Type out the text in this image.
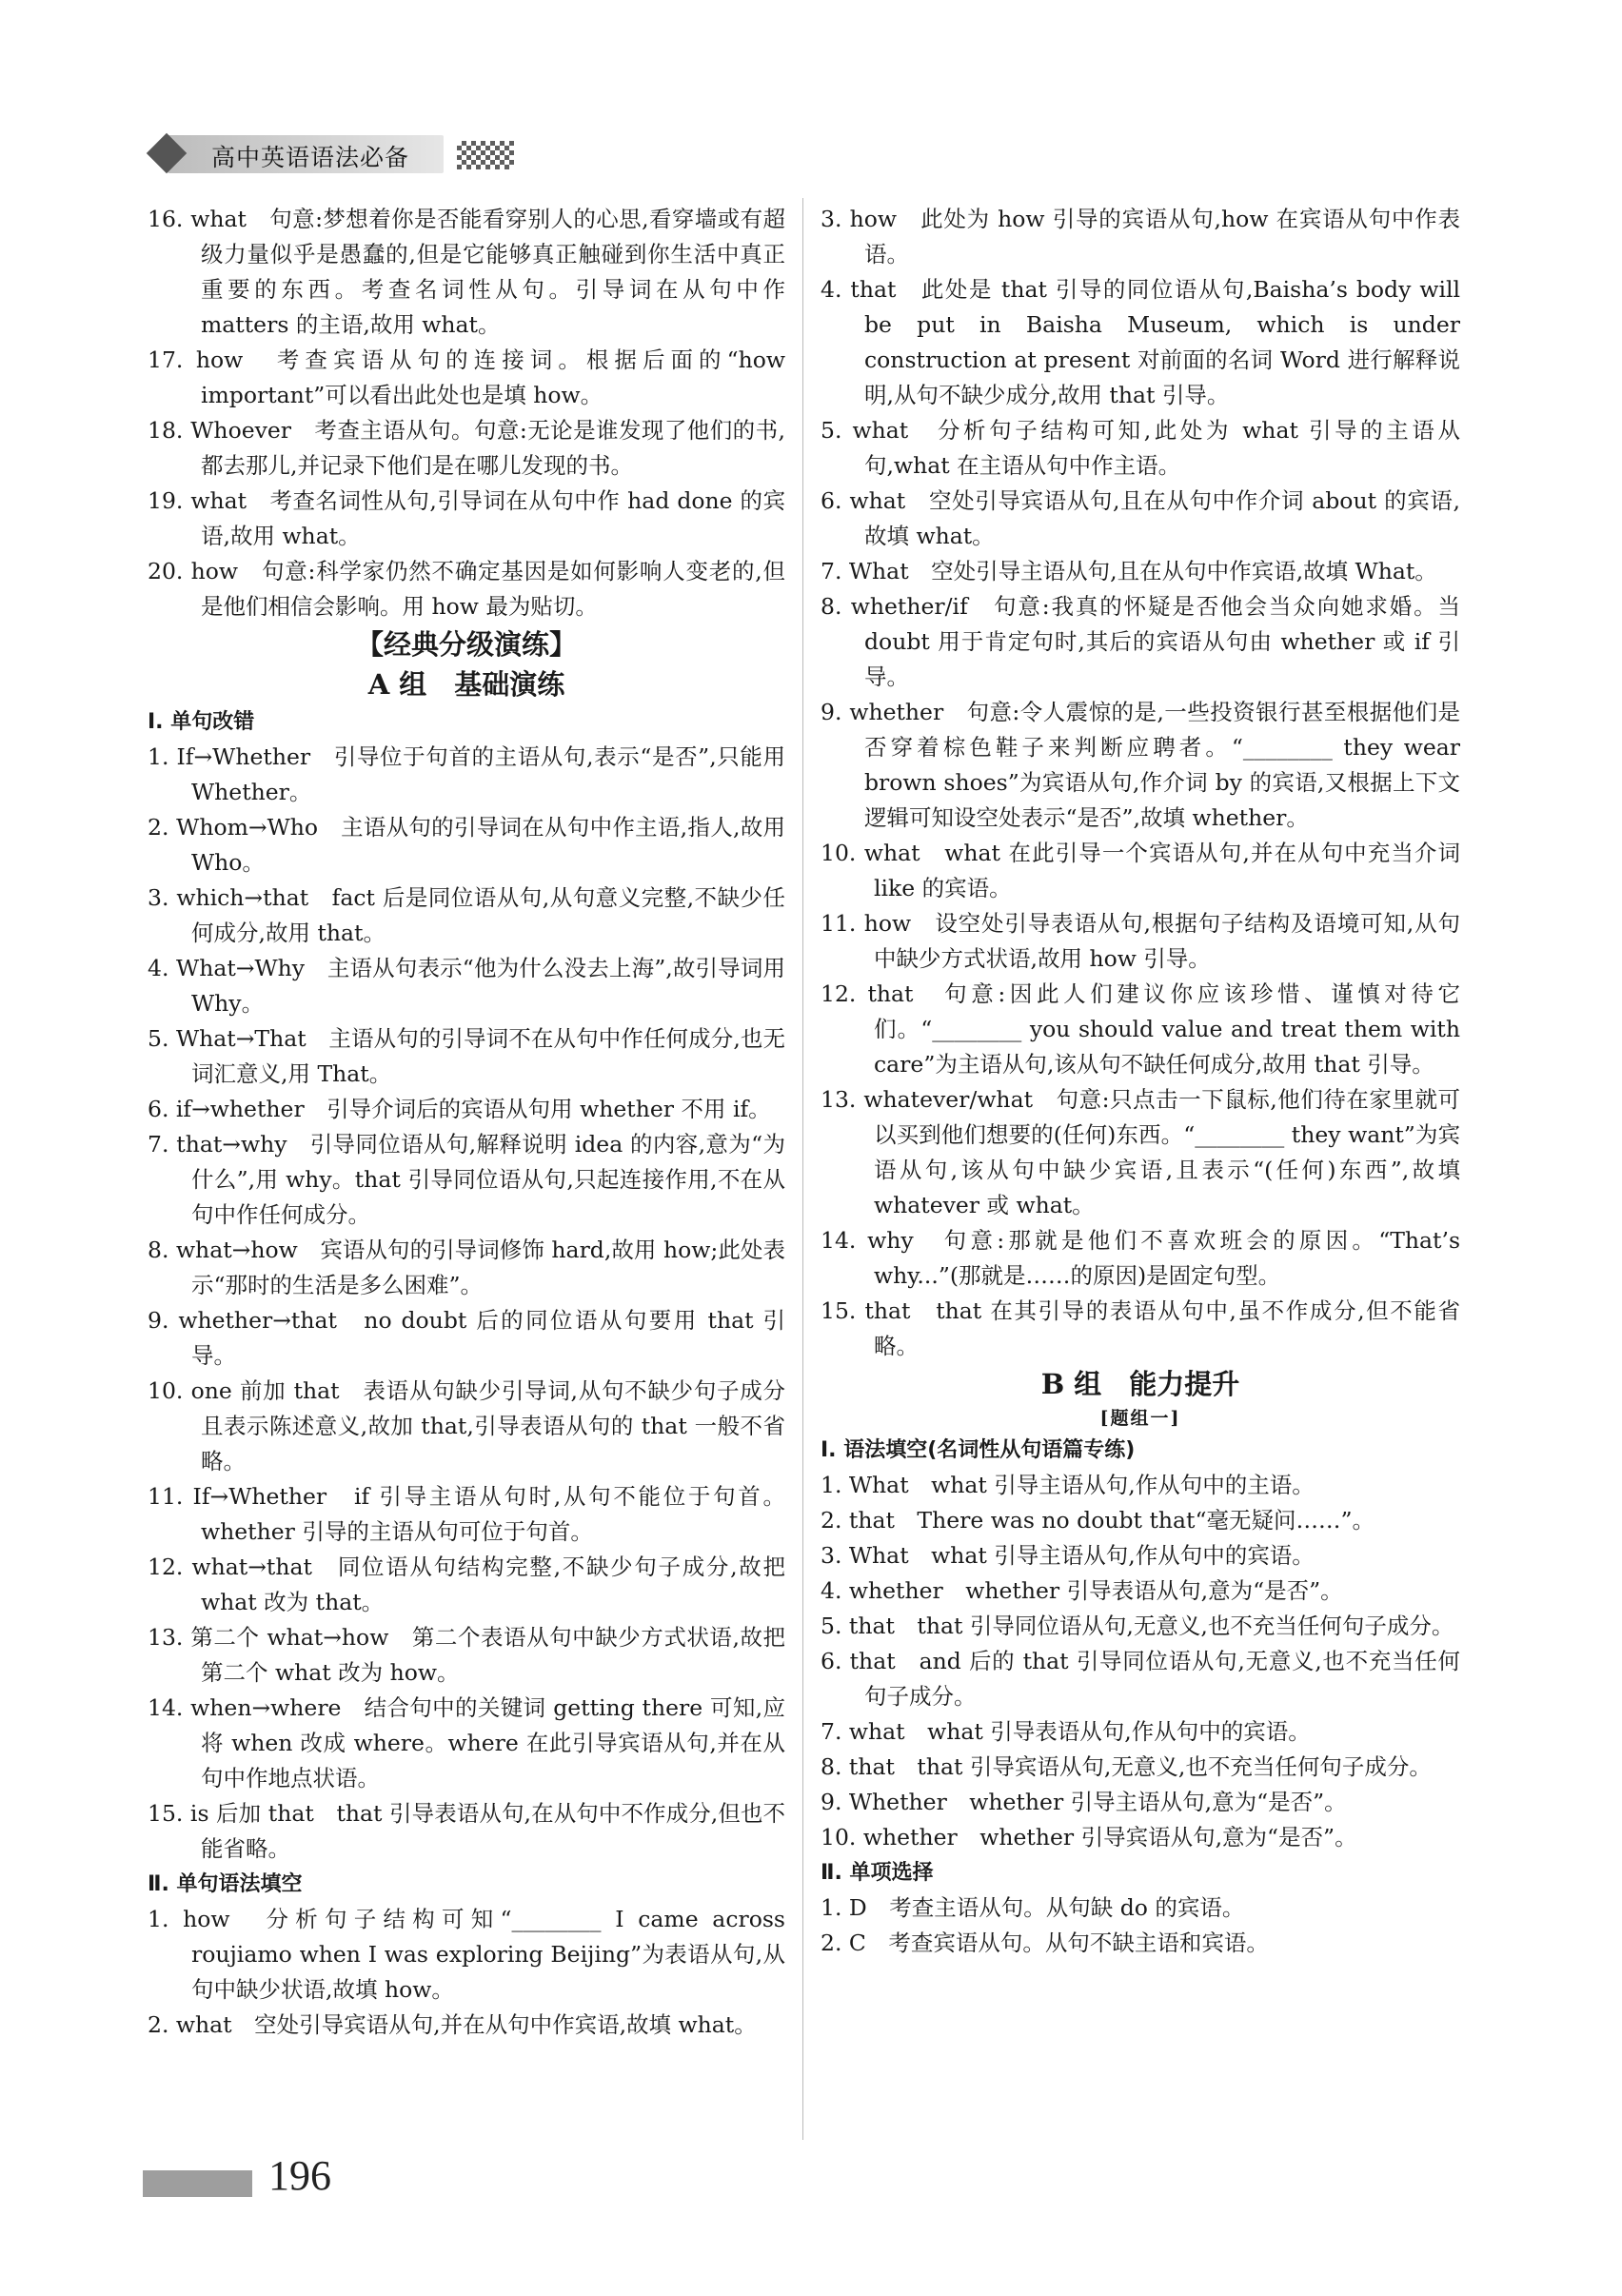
高中英语语法必备

16. what　句意:梦想着你是否能看穿别人的心思,看穿墙或有超级力量似乎是愚蠢的,但是它能够真正触碰到你生活中真正重要的东西。考查名词性从句。引导词在从句中作 matters 的主语,故用 what。

17. how　考查宾语从句的连接词。根据后面的“how important”可以看出此处也是填 how。

18. Whoever　考查主语从句。句意:无论是谁发现了他们的书,都去那儿,并记录下他们是在哪儿发现的书。

19. what　考查名词性从句,引导词在从句中作 had done 的宾语,故用 what。

20. how　句意:科学家仍然不确定基因是如何影响人变老的,但是他们相信会影响。用 how 最为贴切。

【经典分级演练】

A 组　基础演练

Ⅰ. 单句改错

1. If→Whether　引导位于句首的主语从句,表示“是否”,只能用 Whether。

2. Whom→Who　主语从句的引导词在从句中作主语,指人,故用 Who。

3. which→that　fact 后是同位语从句,从句意义完整,不缺少任何成分,故用 that。

4. What→Why　主语从句表示“他为什么没去上海”,故引导词用 Why。

5. What→That　主语从句的引导词不在从句中作任何成分,也无词汇意义,用 That。

6. if→whether　引导介词后的宾语从句用 whether 不用 if。

7. that→why　引导同位语从句,解释说明 idea 的内容,意为“为什么”,用 why。that 引导同位语从句,只起连接作用,不在从句中作任何成分。

8. what→how　宾语从句的引导词修饰 hard,故用 how;此处表示“那时的生活是多么困难”。

9. whether→that　no doubt 后的同位语从句要用 that 引导。

10. one 前加 that　表语从句缺少引导词,从句不缺少句子成分且表示陈述意义,故加 that,引导表语从句的 that 一般不省略。

11. If→Whether　if 引导主语从句时,从句不能位于句首。whether 引导的主语从句可位于句首。

12. what→that　同位语从句结构完整,不缺少句子成分,故把 what 改为 that。

13. 第二个 what→how　第二个表语从句中缺少方式状语,故把第二个 what 改为 how。

14. when→where　结合句中的关键词 getting there 可知,应将 when 改成 where。where 在此引导宾语从句,并在从句中作地点状语。

15. is 后加 that　that 引导表语从句,在从句中不作成分,但也不能省略。

Ⅱ. 单句语法填空

1. how　分析句子结构可知“________ I came across roujiamo when I was exploring Beijing”为表语从句,从句中缺少状语,故填 how。

2. what　空处引导宾语从句,并在从句中作宾语,故填 what。

3. how　此处为 how 引导的宾语从句,how 在宾语从句中作表语。

4. that　此处是 that 引导的同位语从句,Baisha’s body will be put in Baisha Museum, which is under construction at present 对前面的名词 Word 进行解释说明,从句不缺少成分,故用 that 引导。

5. what　分析句子结构可知,此处为 what 引导的主语从句,what 在主语从句中作主语。

6. what　空处引导宾语从句,且在从句中作介词 about 的宾语,故填 what。

7. What　空处引导主语从句,且在从句中作宾语,故填 What。

8. whether/if　句意:我真的怀疑是否他会当众向她求婚。当 doubt 用于肯定句时,其后的宾语从句由 whether 或 if 引导。

9. whether　句意:令人震惊的是,一些投资银行甚至根据他们是否穿着棕色鞋子来判断应聘者。“________ they wear brown shoes”为宾语从句,作介词 by 的宾语,又根据上下文逻辑可知设空处表示“是否”,故填 whether。

10. what　what 在此引导一个宾语从句,并在从句中充当介词 like 的宾语。

11. how　设空处引导表语从句,根据句子结构及语境可知,从句中缺少方式状语,故用 how 引导。

12. that　句意:因此人们建议你应该珍惜、谨慎对待它们。“________ you should value and treat them with care”为主语从句,该从句不缺任何成分,故用 that 引导。

13. whatever/what　句意:只点击一下鼠标,他们待在家里就可以买到他们想要的(任何)东西。“________ they want”为宾语从句,该从句中缺少宾语,且表示“(任何)东西”,故填 whatever 或 what。

14. why　句意:那就是他们不喜欢班会的原因。“That’s why...”(那就是……的原因)是固定句型。

15. that　that 在其引导的表语从句中,虽不作成分,但不能省略。

B 组　能力提升

[题组一]

Ⅰ. 语法填空(名词性从句语篇专练)

1. What　what 引导主语从句,作从句中的主语。

2. that　There was no doubt that“毫无疑问……”。

3. What　what 引导主语从句,作从句中的宾语。

4. whether　whether 引导表语从句,意为“是否”。

5. that　that 引导同位语从句,无意义,也不充当任何句子成分。

6. that　and 后的 that 引导同位语从句,无意义,也不充当任何句子成分。

7. what　what 引导表语从句,作从句中的宾语。

8. that　that 引导宾语从句,无意义,也不充当任何句子成分。

9. Whether　whether 引导主语从句,意为“是否”。

10. whether　whether 引导宾语从句,意为“是否”。

Ⅱ. 单项选择

1. D　考查主语从句。从句缺 do 的宾语。

2. C　考查宾语从句。从句不缺主语和宾语。

196
